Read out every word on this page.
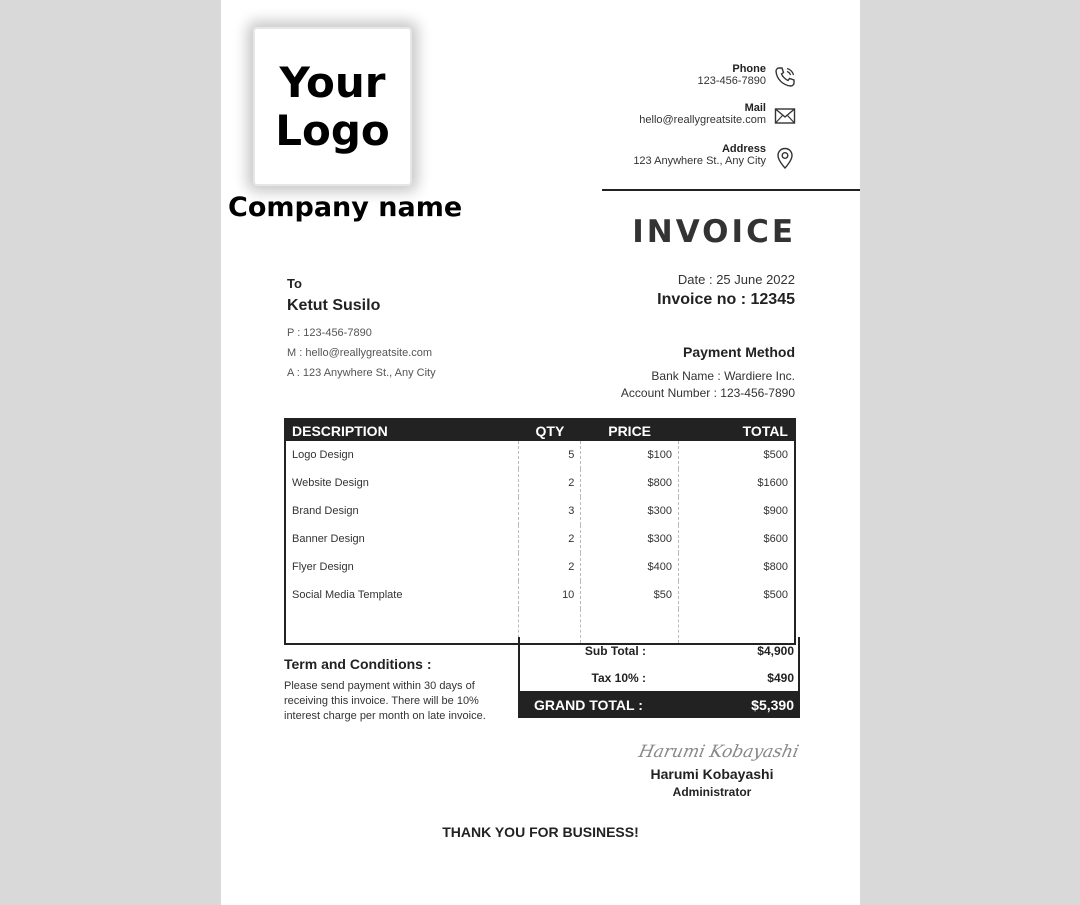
Your
Logo
Company name
Phone
123-456-7890
Mail
hello@reallygreatsite.com
Address
123 Anywhere St., Any City
INVOICE
To
Ketut Susilo
P : 123-456-7890
M : hello@reallygreatsite.com
A : 123 Anywhere St., Any City
Date : 25 June 2022
Invoice no : 12345
Payment Method
Bank Name : Wardiere Inc.
Account Number : 123-456-7890
DESCRIPTION	QTY	PRICE	TOTAL
Logo Design	5	$100	$500
Website Design	2	$800	$1600
Brand Design	3	$300	$900
Banner Design	2	$300	$600
Flyer Design	2	$400	$800
Social Media Template	10	$50	$500

Term and Conditions :
Please send payment within 30 days of receiving this invoice. There will be 10% interest charge per month on late invoice.
Sub Total :	$4,900
Tax 10% :	$490
GRAND TOTAL :	$5,390
Harumi Kobayashi
Harumi Kobayashi
Administrator
THANK YOU FOR BUSINESS!
